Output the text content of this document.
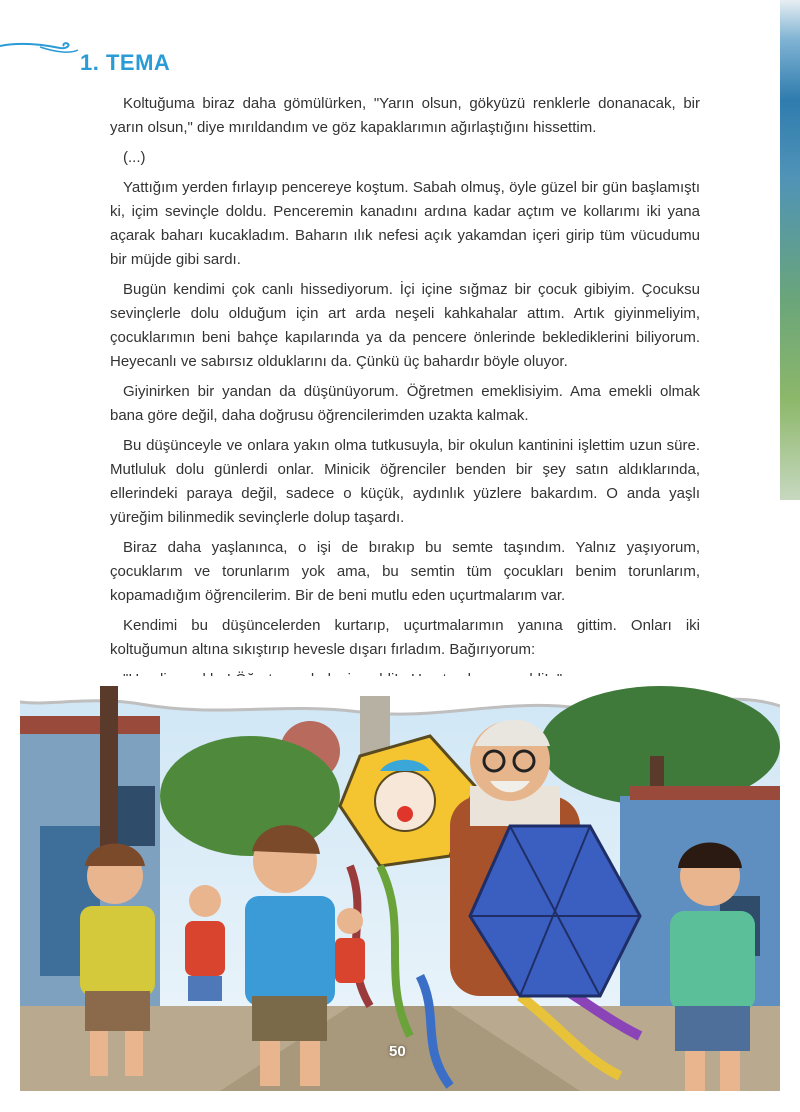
1. TEMA

Koltuğuma biraz daha gömülürken, "Yarın olsun, gökyüzü renklerle donanacak, bir yarın olsun," diye mırıldandım ve göz kapaklarımın ağırlaştığını hissettim.

(...)

Yattığım yerden fırlayıp pencereye koştum. Sabah olmuş, öyle güzel bir gün başlamıştı ki, içim sevinçle doldu. Penceremin kanadını ardına kadar açtım ve kollarımı iki yana açarak baharı kucakladım. Baharın ılık nefesi açık yakamdan içeri girip tüm vücudumu bir müjde gibi sardı.

Bugün kendimi çok canlı hissediyorum. İçi içine sığmaz bir çocuk gibiyim. Çocuksu sevinçlerle dolu olduğum için art arda neşeli kahkahalar attım. Artık giyinmeliyim, çocuklarımın beni bahçe kapılarında ya da pencere önlerinde beklediklerini biliyorum. Heyecanlı ve sabırsız olduklarını da. Çünkü üç bahardır böyle oluyor.

Giyinirken bir yandan da düşünüyorum. Öğretmen emeklisiyim. Ama emekli olmak bana göre değil, daha doğrusu öğrencilerimden uzakta kalmak.

Bu düşünceyle ve onlara yakın olma tutkusuyla, bir okulun kantinini işlettim uzun süre. Mutluluk dolu günlerdi onlar. Minicik öğrenciler benden bir şey satın aldıklarında, ellerindeki paraya değil, sadece o küçük, aydınlık yüzlere bakardım. O anda yaşlı yüreğim bilinmedik sevinçlerle dolup taşardı.

Biraz daha yaşlanınca, o işi de bırakıp bu semte taşındım. Yalnız yaşıyorum, çocuklarım ve torunlarım yok ama, bu semtin tüm çocukları benim torunlarım, kopamadığım öğrencilerim. Bir de beni mutlu eden uçurtmalarım var.

Kendimi bu düşüncelerden kurtarıp, uçurtmalarımın yanına gittim. Onları iki koltuğumun altına sıkıştırıp hevesle dışarı fırladım. Bağırıyorum:

50
